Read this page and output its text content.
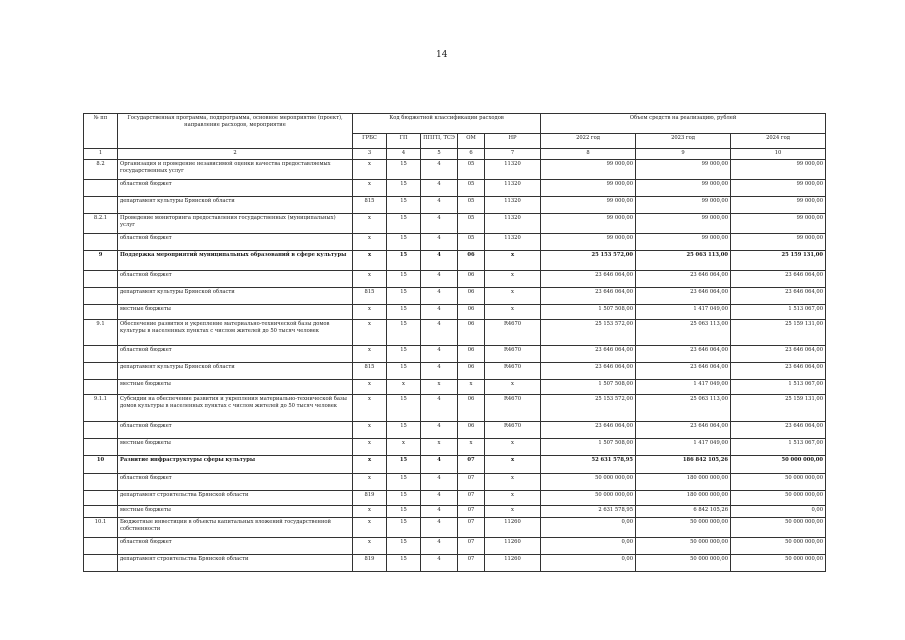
14
№ пп	Государственная программа, подпрограмма, основное мероприятие (проект), направление расходов, мероприятие	Код бюджетной классификации расходов					Объем средств на реализацию, рублей		
		ГРБС	ГП	ППГП, ТСЭ	ОМ	НР	2022 год	2023 год	2024 год
1	2	3	4	5	6	7	8	9	10
8.2	Организация и проведение независимой оценки качества предоставляемых государственных услуг	х	15	4	05	11320	99 000,00	99 000,00	99 000,00
	областной бюджет	х	15	4	05	11320	99 000,00	99 000,00	99 000,00
	департамент культуры Брянской области	815	15	4	05	11320	99 000,00	99 000,00	99 000,00
8.2.1	Проведение мониторинга предоставления государственных (муниципальных) услуг	х	15	4	05	11320	99 000,00	99 000,00	99 000,00
	областной бюджет	х	15	4	05	11320	99 000,00	99 000,00	99 000,00
9	Поддержка мероприятий муниципальных образований в сфере культуры	х	15	4	06	х	25 153 572,00	25 063 113,00	25 159 131,00
	областной бюджет	х	15	4	06	х	23 646 064,00	23 646 064,00	23 646 064,00
	департамент культуры Брянской области	815	15	4	06	х	23 646 064,00	23 646 064,00	23 646 064,00
	местные бюджеты	х	15	4	06	х	1 507 508,00	1 417 049,00	1 513 067,00
9.1	Обеспечение развития и укрепление материально-технической базы домов культуры в населенных пунктах с числом жителей до 50 тысяч человек	х	15	4	06	R4670	25 153 572,00	25 063 113,00	25 159 131,00
	областной бюджет	х	15	4	06	R4670	23 646 064,00	23 646 064,00	23 646 064,00
	департамент культуры Брянской области	815	15	4	06	R4670	23 646 064,00	23 646 064,00	23 646 064,00
	местные бюджеты	х	х	х	х	х	1 507 508,00	1 417 049,00	1 513 067,00
9.1.1	Субсидии на обеспечение развития и укрепления материально-технической базы домов культуры в населенных пунктах с числом жителей до 50 тысяч человек	х	15	4	06	R4670	25 153 572,00	25 063 113,00	25 159 131,00
	областной бюджет	х	15	4	06	R4670	23 646 064,00	23 646 064,00	23 646 064,00
	местные бюджеты	х	х	х	х	х	1 507 508,00	1 417 049,00	1 513 067,00
10	Развитие инфраструктуры сферы культуры	х	15	4	07	х	52 631 578,95	186 842 105,26	50 000 000,00
	областной бюджет	х	15	4	07	х	50 000 000,00	180 000 000,00	50 000 000,00
	департамент строительства Брянской области	819	15	4	07	х	50 000 000,00	180 000 000,00	50 000 000,00
	местные бюджеты	х	15	4	07	х	2 631 578,95	6 842 105,26	0,00
10.1	Бюджетные инвестиции в объекты капитальных вложений государственной собственности	х	15	4	07	11260	0,00	50 000 000,00	50 000 000,00
	областной бюджет	х	15	4	07	11260	0,00	50 000 000,00	50 000 000,00
	департамент строительства Брянской области	819	15	4	07	11260	0,00	50 000 000,00	50 000 000,00
